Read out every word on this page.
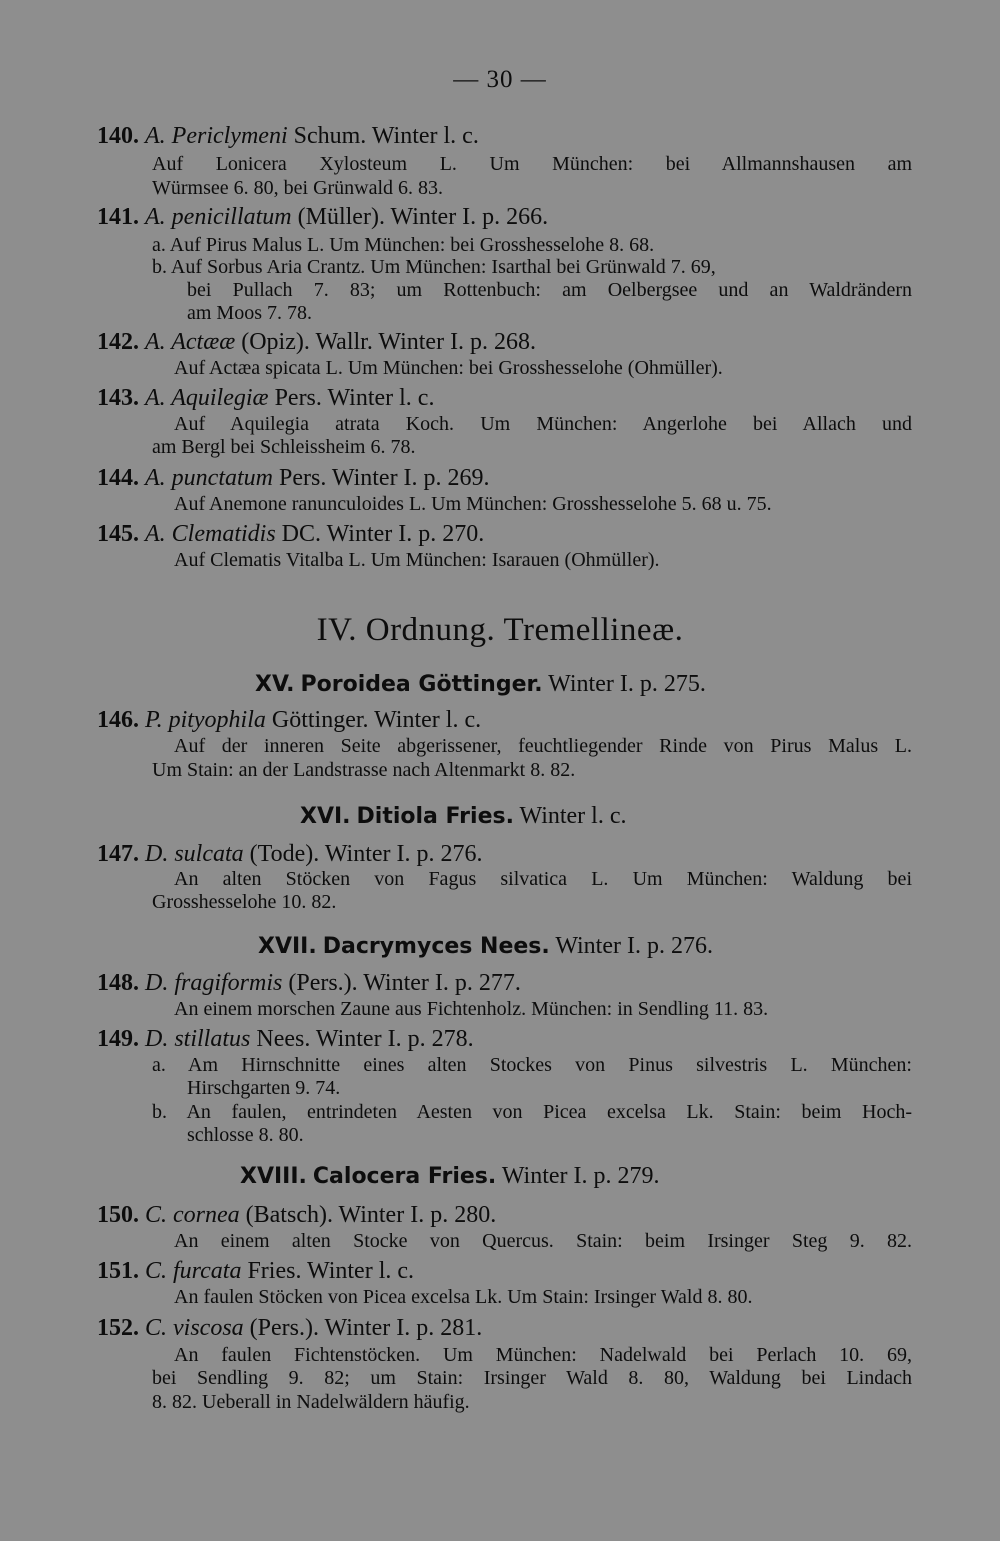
— 30 —
140. A. Periclymeni Schum. Winter l. c.
Auf Lonicera Xylosteum L. Um München: bei Allmannshausen am
Würmsee 6. 80, bei Grünwald 6. 83.
141. A. penicillatum (Müller). Winter I. p. 266.
a. Auf Pirus Malus L. Um München: bei Grosshesselohe 8. 68.
b. Auf Sorbus Aria Crantz. Um München: Isarthal bei Grünwald 7. 69,
bei Pullach 7. 83; um Rottenbuch: am Oelbergsee und an Waldrändern
am Moos 7. 78.
142. A. Actææ (Opiz). Wallr. Winter I. p. 268.
Auf Actæa spicata L. Um München: bei Grosshesselohe (Ohmüller).
143. A. Aquilegiæ Pers. Winter l. c.
Auf Aquilegia atrata Koch. Um München: Angerlohe bei Allach und
am Bergl bei Schleissheim 6. 78.
144. A. punctatum Pers. Winter I. p. 269.
Auf Anemone ranunculoides L. Um München: Grosshesselohe 5. 68 u. 75.
145. A. Clematidis DC. Winter I. p. 270.
Auf Clematis Vitalba L. Um München: Isarauen (Ohmüller).
IV. Ordnung. Tremellineæ.
XV. Poroidea Göttinger. Winter I. p. 275.
146. P. pityophila Göttinger. Winter l. c.
Auf der inneren Seite abgerissener, feuchtliegender Rinde von Pirus Malus L.
Um Stain: an der Landstrasse nach Altenmarkt 8. 82.
XVI. Ditiola Fries. Winter l. c.
147. D. sulcata (Tode). Winter I. p. 276.
An alten Stöcken von Fagus silvatica L. Um München: Waldung bei
Grosshesselohe 10. 82.
XVII. Dacrymyces Nees. Winter I. p. 276.
148. D. fragiformis (Pers.). Winter I. p. 277.
An einem morschen Zaune aus Fichtenholz. München: in Sendling 11. 83.
149. D. stillatus Nees. Winter I. p. 278.
a. Am Hirnschnitte eines alten Stockes von Pinus silvestris L. München:
Hirschgarten 9. 74.
b. An faulen, entrindeten Aesten von Picea excelsa Lk. Stain: beim Hoch-
schlosse 8. 80.
XVIII. Calocera Fries. Winter I. p. 279.
150. C. cornea (Batsch). Winter I. p. 280.
An einem alten Stocke von Quercus. Stain: beim Irsinger Steg 9. 82.
151. C. furcata Fries. Winter l. c.
An faulen Stöcken von Picea excelsa Lk. Um Stain: Irsinger Wald 8. 80.
152. C. viscosa (Pers.). Winter I. p. 281.
An faulen Fichtenstöcken. Um München: Nadelwald bei Perlach 10. 69,
bei Sendling 9. 82; um Stain: Irsinger Wald 8. 80, Waldung bei Lindach
8. 82. Ueberall in Nadelwäldern häufig.
